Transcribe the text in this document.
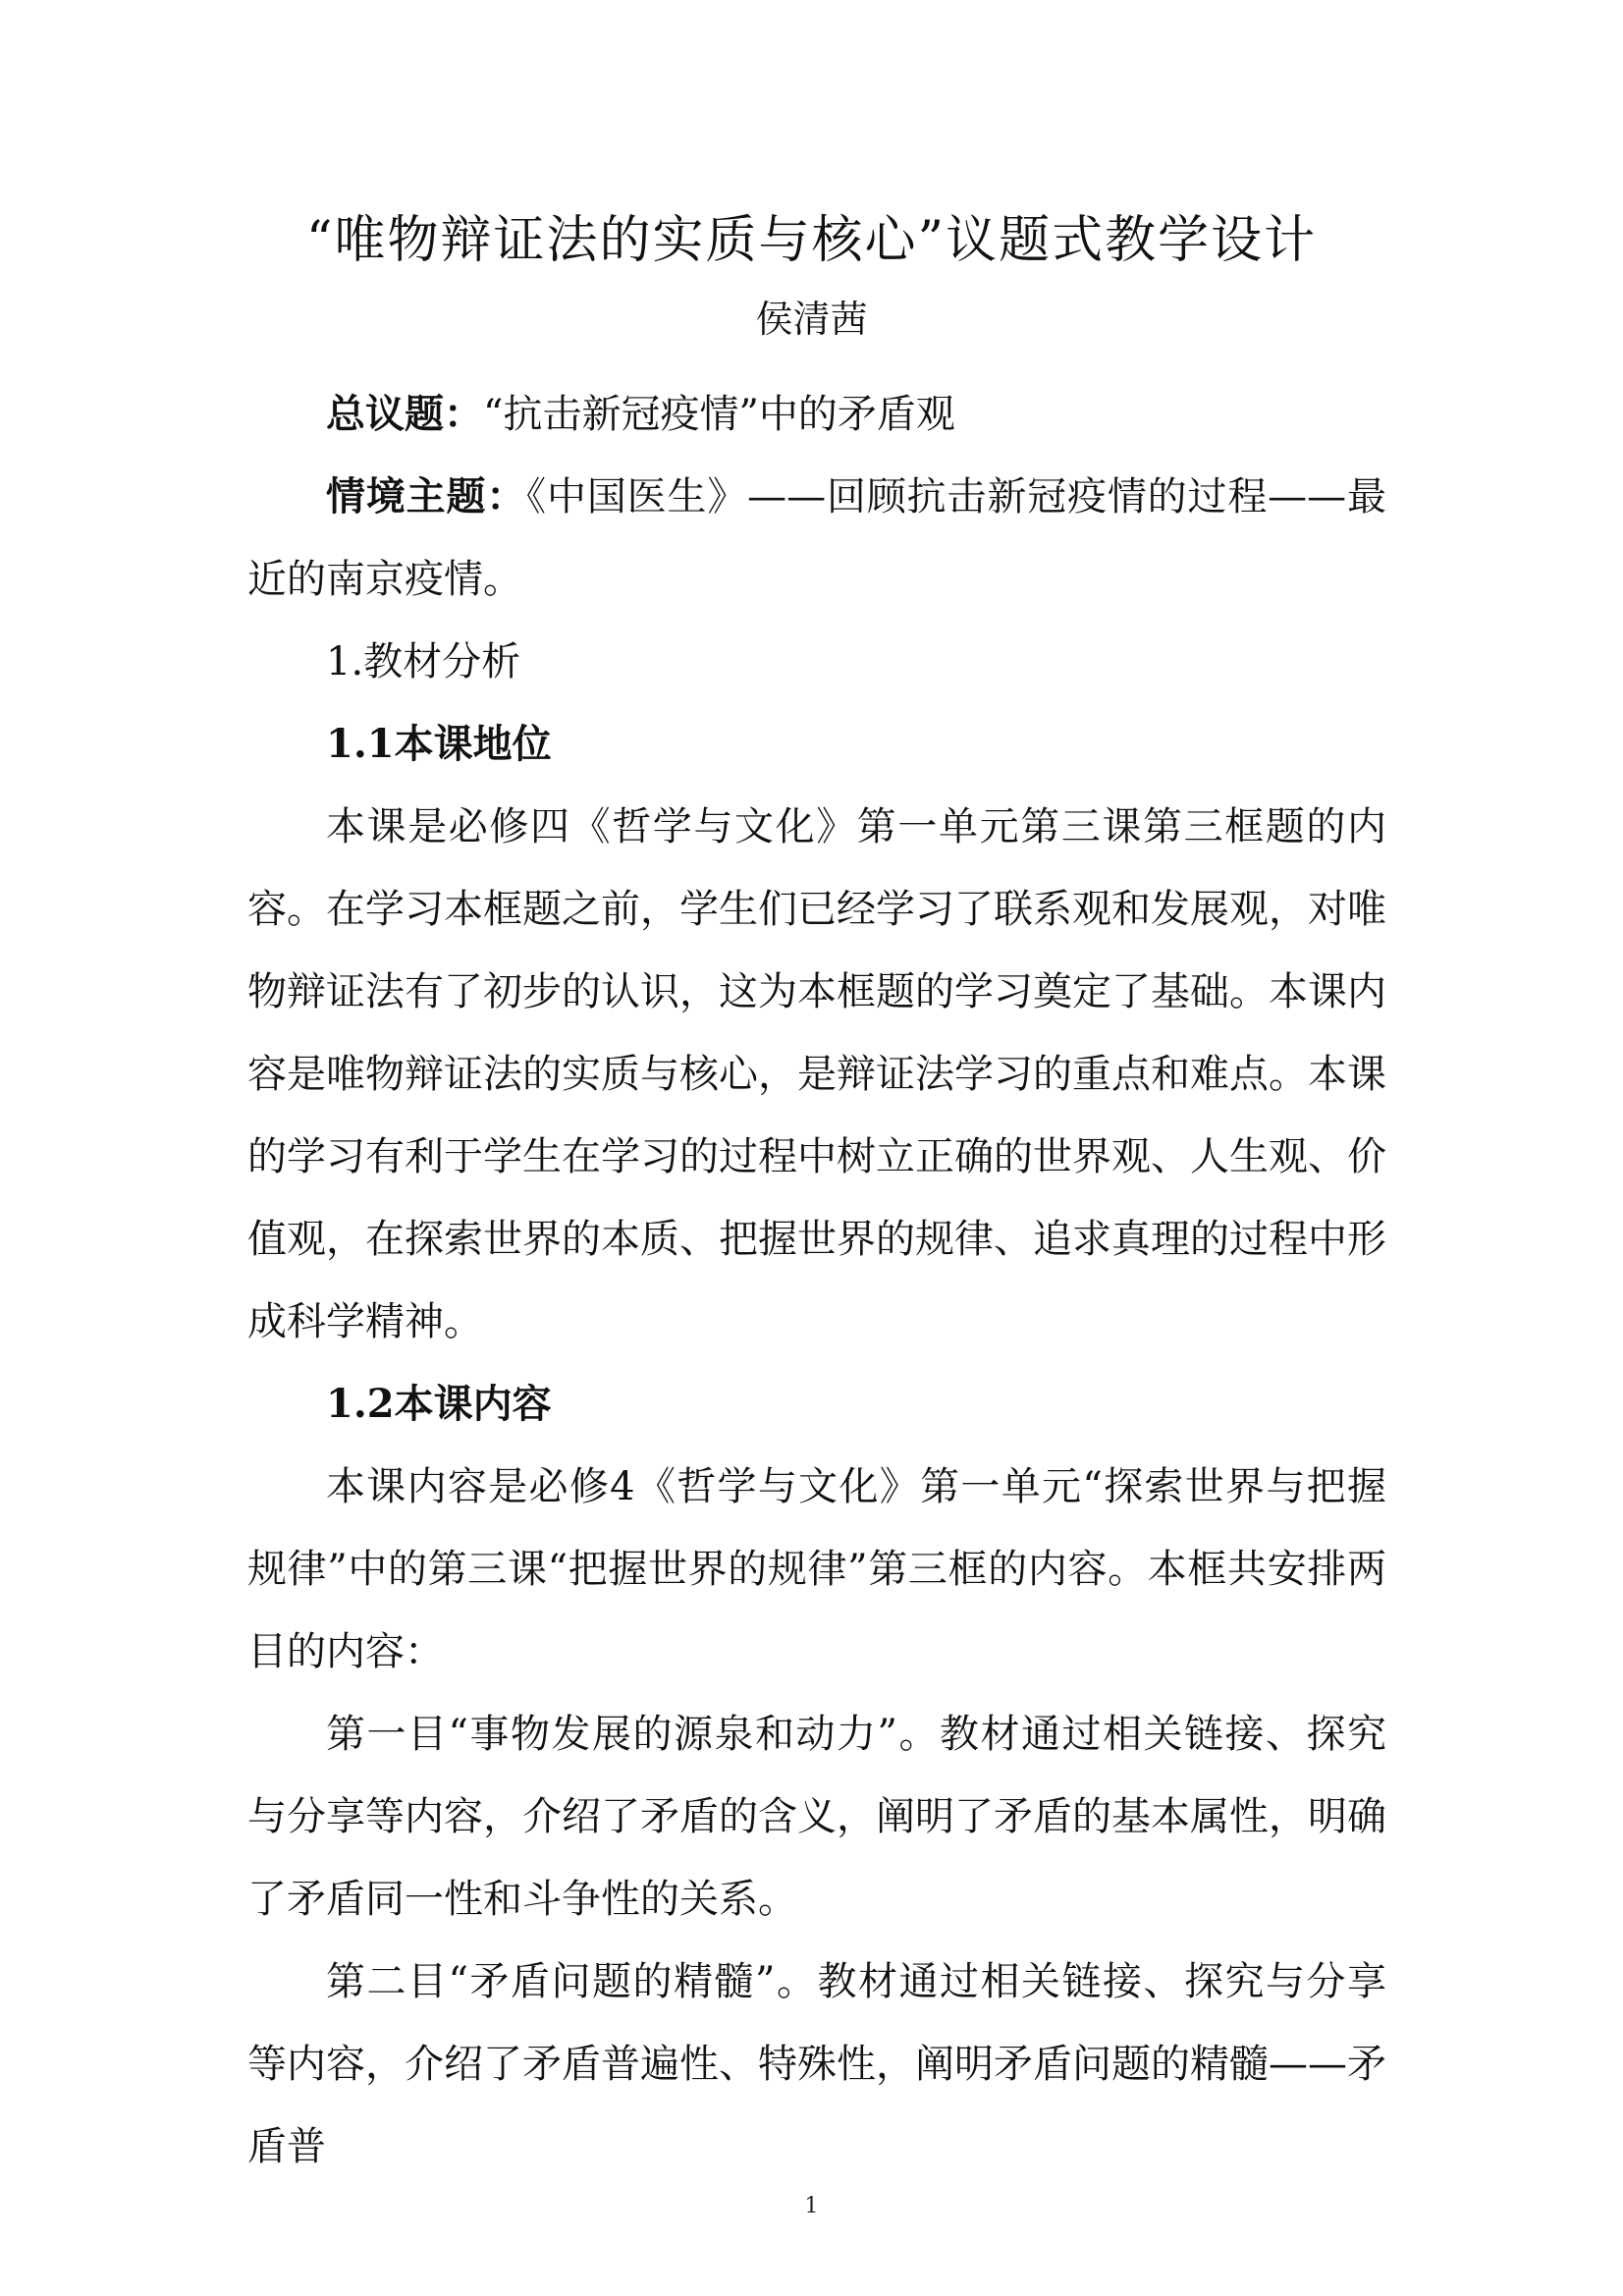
“唯物辩证法的实质与核心”议题式教学设计
侯清茜

总议题：“抗击新冠疫情”中的矛盾观

情境主题：《中国医生》——回顾抗击新冠疫情的过程——最近的南京疫情。

1.教材分析

1.1本课地位

本课是必修四《哲学与文化》第一单元第三课第三框题的内容。在学习本框题之前，学生们已经学习了联系观和发展观，对唯物辩证法有了初步的认识，这为本框题的学习奠定了基础。本课内容是唯物辩证法的实质与核心，是辩证法学习的重点和难点。本课的学习有利于学生在学习的过程中树立正确的世界观、人生观、价值观，在探索世界的本质、把握世界的规律、追求真理的过程中形成科学精神。

1.2本课内容

本课内容是必修4《哲学与文化》第一单元“探索世界与把握规律”中的第三课“把握世界的规律”第三框的内容。本框共安排两目的内容：

第一目“事物发展的源泉和动力”。教材通过相关链接、探究与分享等内容，介绍了矛盾的含义，阐明了矛盾的基本属性，明确了矛盾同一性和斗争性的关系。

第二目“矛盾问题的精髓”。教材通过相关链接、探究与分享等内容，介绍了矛盾普遍性、特殊性，阐明矛盾问题的精髓——矛盾普

1
